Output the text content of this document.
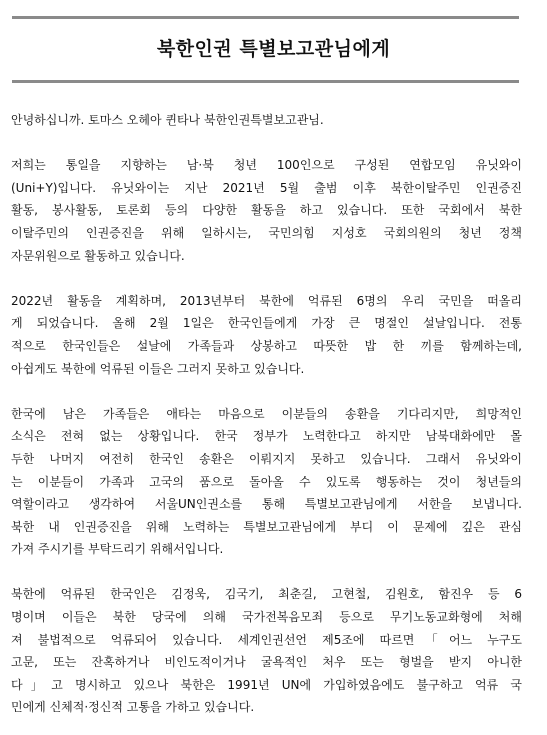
북한인권 특별보고관님에게
안녕하십니까. 토마스 오헤아 퀸타나 북한인권특별보고관님.
저희는 통일을 지향하는 남·북 청년 100인으로 구성된 연합모임 유닛와이
(Uni+Y)입니다. 유닛와이는 지난 2021년 5월 출범 이후 북한이탈주민 인권증진
활동, 봉사활동, 토론회 등의 다양한 활동을 하고 있습니다. 또한 국회에서 북한
이탈주민의 인권증진을 위해 일하시는, 국민의힘 지성호 국회의원의 청년 정책
자문위원으로 활동하고 있습니다.
2022년 활동을 계획하며, 2013년부터 북한에 억류된 6명의 우리 국민을 떠올리
게 되었습니다. 올해 2월 1일은 한국인들에게 가장 큰 명절인 설날입니다. 전통
적으로 한국인들은 설날에 가족들과 상봉하고 따뜻한 밥 한 끼를 함께하는데,
아쉽게도 북한에 억류된 이들은 그러지 못하고 있습니다.
한국에 남은 가족들은 애타는 마음으로 이분들의 송환을 기다리지만, 희망적인
소식은 전혀 없는 상황입니다. 한국 정부가 노력한다고 하지만 남북대화에만 몰
두한 나머지 여전히 한국인 송환은 이뤄지지 못하고 있습니다. 그래서 유닛와이
는 이분들이 가족과 고국의 품으로 돌아올 수 있도록 행동하는 것이 청년들의
역할이라고 생각하여 서울UN인권소를 통해 특별보고관님에게 서한을 보냅니다.
북한 내 인권증진을 위해 노력하는 특별보고관님에게 부디 이 문제에 깊은 관심
가져 주시기를 부탁드리기 위해서입니다.
북한에 억류된 한국인은 김정욱, 김국기, 최춘길, 고현철, 김원호, 함진우 등 6
명이며 이들은 북한 당국에 의해 국가전복음모죄 등으로 무기노동교화형에 처해
져 불법적으로 억류되어 있습니다. 세계인권선언 제5조에 따르면「어느 누구도
고문, 또는 잔혹하거나 비인도적이거나 굴욕적인 처우 또는 형벌을 받지 아니한
다」고 명시하고 있으나 북한은 1991년 UN에 가입하였음에도 불구하고 억류 국
민에게 신체적·정신적 고통을 가하고 있습니다.
